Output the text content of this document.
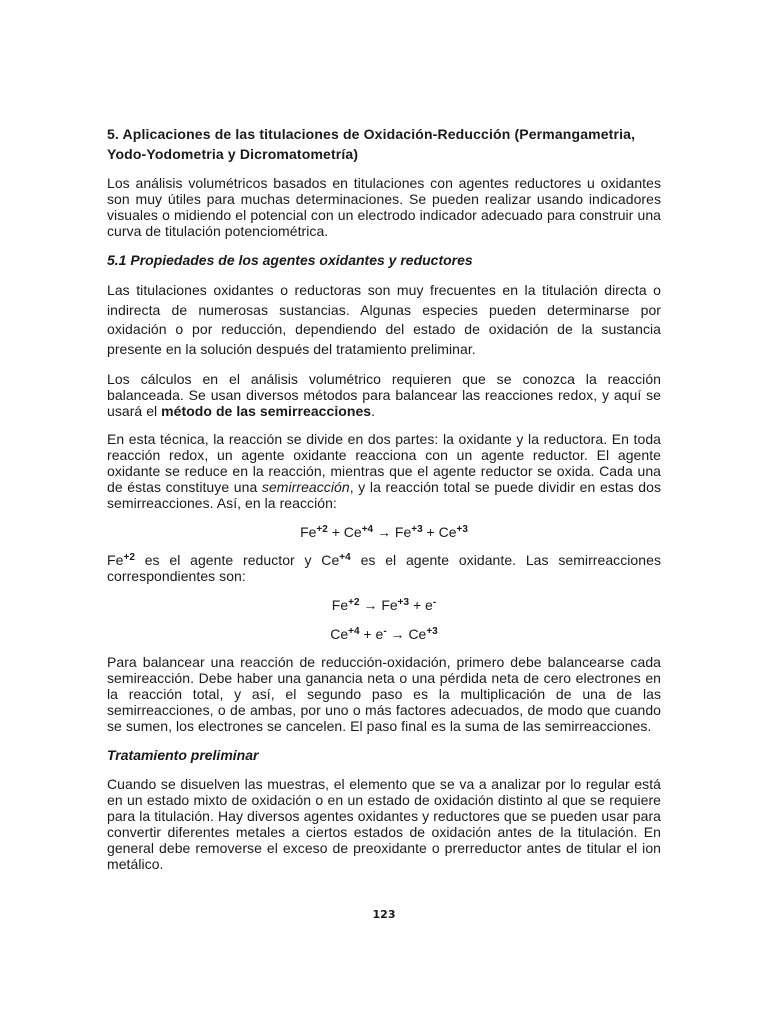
5. Aplicaciones de las titulaciones de Oxidación-Reducción (Permangametria,
Yodo-Yodometria y Dicromatometría)

Los análisis volumétricos basados en titulaciones con agentes reductores u oxidantes son muy útiles para muchas determinaciones. Se pueden realizar usando indicadores visuales o midiendo el potencial con un electrodo indicador adecuado para construir una curva de titulación potenciométrica.

5.1 Propiedades de los agentes oxidantes y reductores

Las titulaciones oxidantes o reductoras son muy frecuentes en la titulación directa o indirecta de numerosas sustancias. Algunas especies pueden determinarse por oxidación o por reducción, dependiendo del estado de oxidación de la sustancia presente en la solución después del tratamiento preliminar.

Los cálculos en el análisis volumétrico requieren que se conozca la reacción balanceada. Se usan diversos métodos para balancear las reacciones redox, y aquí se usará el método de las semirreacciones.

En esta técnica, la reacción se divide en dos partes: la oxidante y la reductora. En toda reacción redox, un agente oxidante reacciona con un agente reductor. El agente oxidante se reduce en la reacción, mientras que el agente reductor se oxida. Cada una de éstas constituye una semirreacción, y la reacción total se puede dividir en estas dos semirreacciones. Así, en la reacción:

$Fe^{+2} + Ce^{+4} \to Fe^{+3} + Ce^{+3}$

$Fe^{+2}$ es el agente reductor y $Ce^{+4}$ es el agente oxidante. Las semirreacciones correspondientes son:

$Fe^{+2} \to Fe^{+3} + e^-$
$Ce^{+4} + e^- \to Ce^{+3}$

Para balancear una reacción de reducción-oxidación, primero debe balancearse cada semireacción. Debe haber una ganancia neta o una pérdida neta de cero electrones en la reacción total, y así, el segundo paso es la multiplicación de una de las semirreacciones, o de ambas, por uno o más factores adecuados, de modo que cuando se sumen, los electrones se cancelen. El paso final es la suma de las semirreacciones.

Tratamiento preliminar

Cuando se disuelven las muestras, el elemento que se va a analizar por lo regular está en un estado mixto de oxidación o en un estado de oxidación distinto al que se requiere para la titulación. Hay diversos agentes oxidantes y reductores que se pueden usar para convertir diferentes metales a ciertos estados de oxidación antes de la titulación. En general debe removerse el exceso de preoxidante o prerreductor antes de titular el ion metálico.

123
